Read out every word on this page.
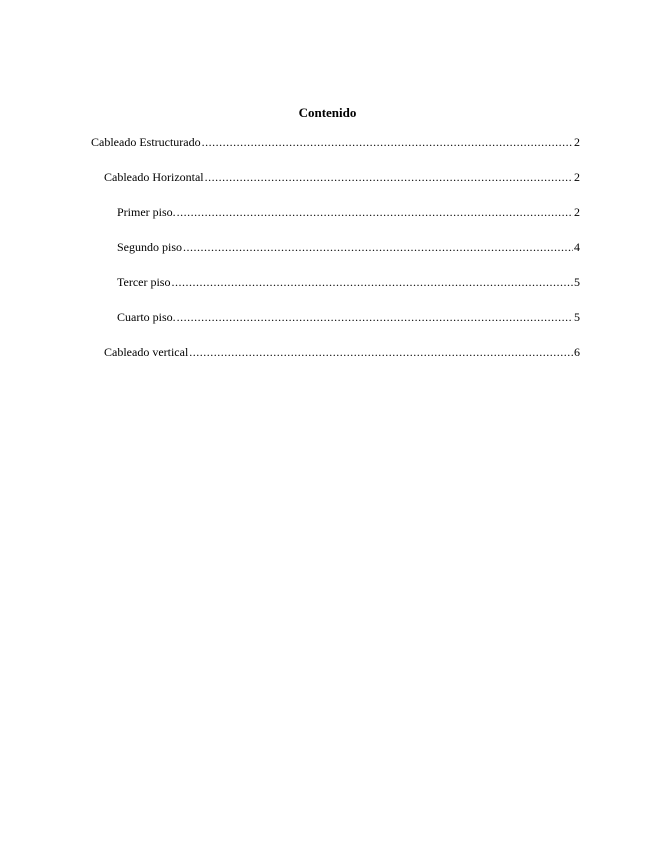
Contenido
Cableado Estructurado .....	2
Cableado Horizontal .....	2
Primer piso. .....	2
Segundo piso .....	4
Tercer piso .....	5
Cuarto piso. .....	5
Cableado vertical .....	6
